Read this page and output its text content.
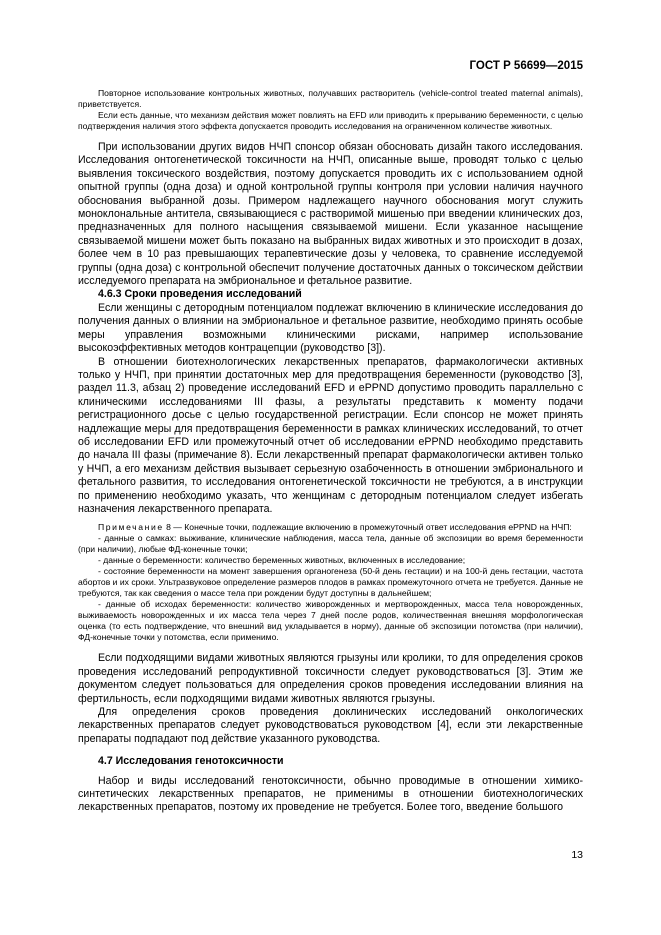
ГОСТ Р 56699—2015

Повторное использование контрольных животных, получавших растворитель (vehicle-control treated maternal animals), приветствуется.

Если есть данные, что механизм действия может повлиять на EFD или приводить к прерыванию беременности, с целью подтверждения наличия этого эффекта допускается проводить исследования на ограниченном количестве животных.

При использовании других видов НЧП спонсор обязан обосновать дизайн такого исследования. Исследования онтогенетической токсичности на НЧП, описанные выше, проводят только с целью выявления токсического воздействия, поэтому допускается проводить их с использованием одной опытной группы (одна доза) и одной контрольной группы контроля при условии наличия научного обоснования выбранной дозы. Примером надлежащего научного обоснования могут служить моноклональные антитела, связывающиеся с растворимой мишенью при введении клинических доз, предназначенных для полного насыщения связываемой мишени. Если указанное насыщение связываемой мишени может быть показано на выбранных видах животных и это происходит в дозах, более чем в 10 раз превышающих терапевтические дозы у человека, то сравнение исследуемой группы (одна доза) с контрольной обеспечит получение достаточных данных о токсическом действии исследуемого препарата на эмбриональное и фетальное развитие.

4.6.3 Сроки проведения исследований

Если женщины с детородным потенциалом подлежат включению в клинические исследования до получения данных о влиянии на эмбриональное и фетальное развитие, необходимо принять особые меры управления возможными клиническими рисками, например использование высокоэффективных методов контрацепции (руководство [3]).

В отношении биотехнологических лекарственных препаратов, фармакологически активных только у НЧП, при принятии достаточных мер для предотвращения беременности (руководство [3], раздел 11.3, абзац 2) проведение исследований EFD и ePPND допустимо проводить параллельно с клиническими исследованиями III фазы, а результаты представить к моменту подачи регистрационного досье с целью государственной регистрации. Если спонсор не может принять надлежащие меры для предотвращения беременности в рамках клинических исследований, то отчет об исследовании EFD или промежуточный отчет об исследовании ePPND необходимо представить до начала III фазы (примечание 8). Если лекарственный препарат фармакологически активен только у НЧП, а его механизм действия вызывает серьезную озабоченность в отношении эмбрионального и фетального развития, то исследования онтогенетической токсичности не требуются, а в инструкции по применению необходимо указать, что женщинам с детородным потенциалом следует избегать назначения лекарственного препарата.

Примечание 8 — Конечные точки, подлежащие включению в промежуточный ответ исследования ePPND на НЧП:

- данные о самках: выживание, клинические наблюдения, масса тела, данные об экспозиции во время беременности (при наличии), любые ФД-конечные точки;

- данные о беременности: количество беременных животных, включенных в исследование;

- состояние беременности на момент завершения органогенеза (50-й день гестации) и на 100-й день гестации, частота абортов и их сроки. Ультразвуковое определение размеров плодов в рамках промежуточного отчета не требуется. Данные не требуются, так как сведения о массе тела при рождении будут доступны в дальнейшем;

- данные об исходах беременности: количество живорожденных и мертворожденных, масса тела новорожденных, выживаемость новорожденных и их масса тела через 7 дней после родов, количественная внешняя морфологическая оценка (то есть подтверждение, что внешний вид укладывается в норму), данные об экспозиции потомства (при наличии), ФД-конечные точки у потомства, если применимо.

Если подходящими видами животных являются грызуны или кролики, то для определения сроков проведения исследований репродуктивной токсичности следует руководствоваться [3]. Этим же документом следует пользоваться для определения сроков проведения исследовании влияния на фертильность, если подходящими видами животных являются грызуны.

Для определения сроков проведения доклинических исследований онкологических лекарственных препаратов следует руководствоваться руководством [4], если эти лекарственные препараты подпадают под действие указанного руководства.

4.7 Исследования генотоксичности

Набор и виды исследований генотоксичности, обычно проводимые в отношении химико-синтетических лекарственных препаратов, не применимы в отношении биотехнологических лекарственных препаратов, поэтому их проведение не требуется. Более того, введение большого

13
